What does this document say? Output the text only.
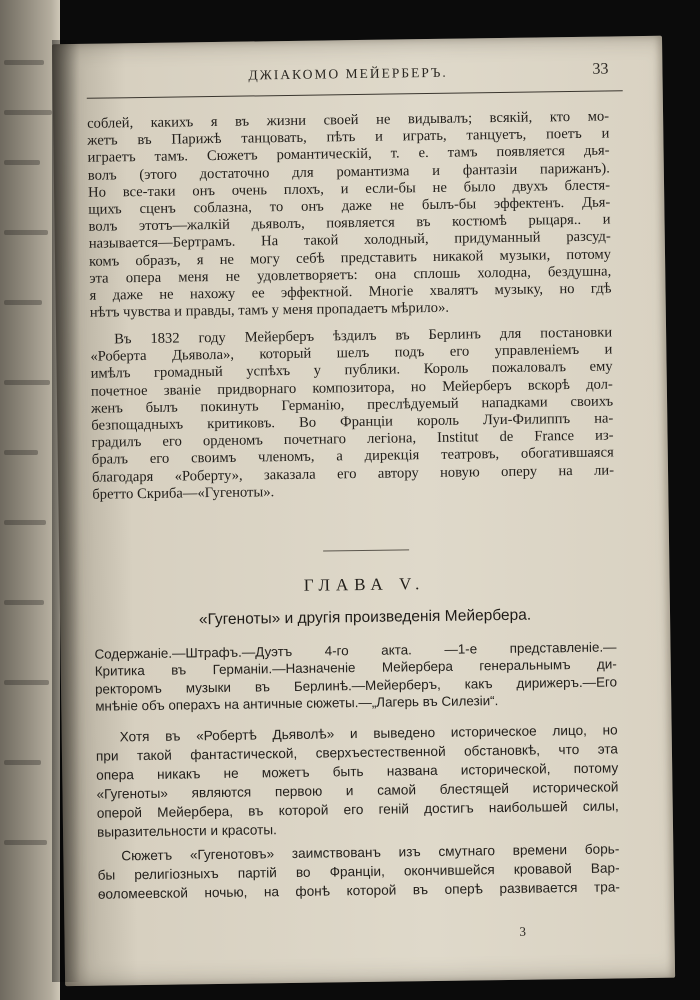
ДЖІАКОМО МЕЙЕРБЕРЪ.	33
соблей, какихъ я въ жизни своей не видывалъ; всякій, кто мо-
жетъ въ Парижѣ танцовать, пѣть и играть, танцуетъ, поетъ и
играетъ тамъ. Сюжетъ романтическій, т. е. тамъ появляется дья-
волъ (этого достаточно для романтизма и фантазіи парижанъ).
Но все-таки онъ очень плохъ, и если-бы не было двухъ блестя-
щихъ сценъ соблазна, то онъ даже не былъ-бы эффектенъ. Дья-
волъ этотъ—жалкій дьяволъ, появляется въ костюмѣ рыцаря.. и
называется—Бертрамъ. На такой холодный, придуманный разсуд-
комъ образъ, я не могу себѣ представить никакой музыки, потому
эта опера меня не удовлетворяетъ: она сплошь холодна, бездушна,
я даже не нахожу ее эффектной. Многіе хвалятъ музыку, но гдѣ
нѣтъ чувства и правды, тамъ у меня пропадаетъ мѣрило».
Въ 1832 году Мейерберъ ѣздилъ въ Берлинъ для постановки
«Роберта Дьявола», который шелъ подъ его управленіемъ и
имѣлъ громадный успѣхъ у публики. Король пожаловалъ ему
почетное званіе придворнаго композитора, но Мейерберъ вскорѣ дол-
женъ былъ покинуть Германію, преслѣдуемый нападками своихъ
безпощадныхъ критиковъ. Во Франціи король Луи-Филиппъ на-
градилъ его орденомъ почетнаго легіона, Institut de France из-
бралъ его своимъ членомъ, а дирекція театровъ, обогатившаяся
благодаря «Роберту», заказала его автору новую оперу на ли-
бретто Скриба—«Гугеноты».
ГЛАВА V.
«Гугеноты» и другія произведенія Мейербера.
Содержаніе.—Штрафъ.—Дуэтъ 4-го акта. —1-е представленіе.—
Критика въ Германіи.—Назначеніе Мейербера генеральнымъ ди-
ректоромъ музыки въ Берлинѣ.—Мейерберъ, какъ дирижеръ.—Его
мнѣніе объ операхъ на античные сюжеты.—„Лагерь въ Силезіи“.
Хотя въ «Робертѣ Дьяволѣ» и выведено историческое лицо, но
при такой фантастической, сверхъестественной обстановкѣ, что эта
опера никакъ не можетъ быть названа исторической, потому
«Гугеноты» являются первою и самой блестящей исторической
оперой Мейербера, въ которой его геній достигъ наибольшей силы,
выразительности и красоты.
Сюжетъ «Гугенотовъ» заимствованъ изъ смутнаго времени борь-
бы религіозныхъ партій во Франціи, окончившейся кровавой Вар-
ѳоломеевской ночью, на фонѣ которой въ оперѣ развивается тра-
3
